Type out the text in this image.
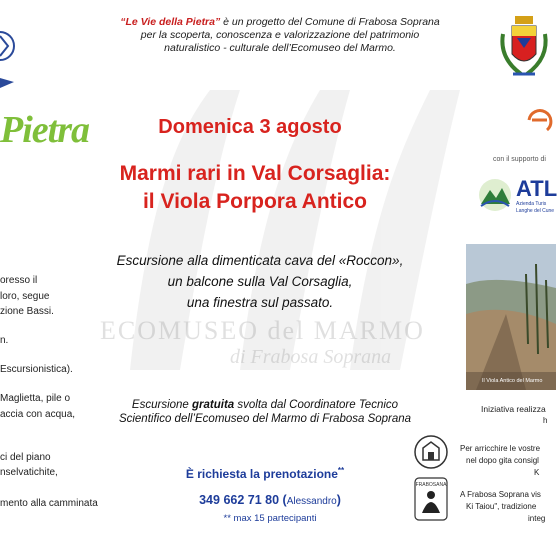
Pietra
“Le Vie della Pietra” è un progetto del Comune di Frabosa Soprana
per la scoperta, conoscenza e valorizzazione del patrimonio
naturalistico - culturale dell’Ecomuseo del Marmo.
con il supporto di
ATL
Azienda Turis
Langhe del Cune
Domenica 3 agosto
Marmi rari in Val Corsaglia:
il Viola Porpora Antico
Escursione alla dimenticata cava del «Roccon»,
un balcone sulla Val Corsaglia,
una finestra sul passato.
ECOMUSEO del MARMO
di Frabosa Soprana
Escursione gratuita svolta dal Coordinatore Tecnico
Scientifico dell’Ecomuseo del Marmo di Frabosa Soprana
È richiesta la prenotazione**
349 662 71 80 (Alessandro)
** max 15 partecipanti
oresso il
loro, segue
zione Bassi.
n.
Escursionistica).
Maglietta, pile o
accia con acqua,
ci del piano
nselvatichite,
mento alla camminata
Il Viola Antico del Marmo
Iniziativa realizza
h
FRABOSANA
Per arricchire le vostre
nel dopo gita consigl
K
A Frabosa Soprana vis
Ki Taiou", tradizione
integ
